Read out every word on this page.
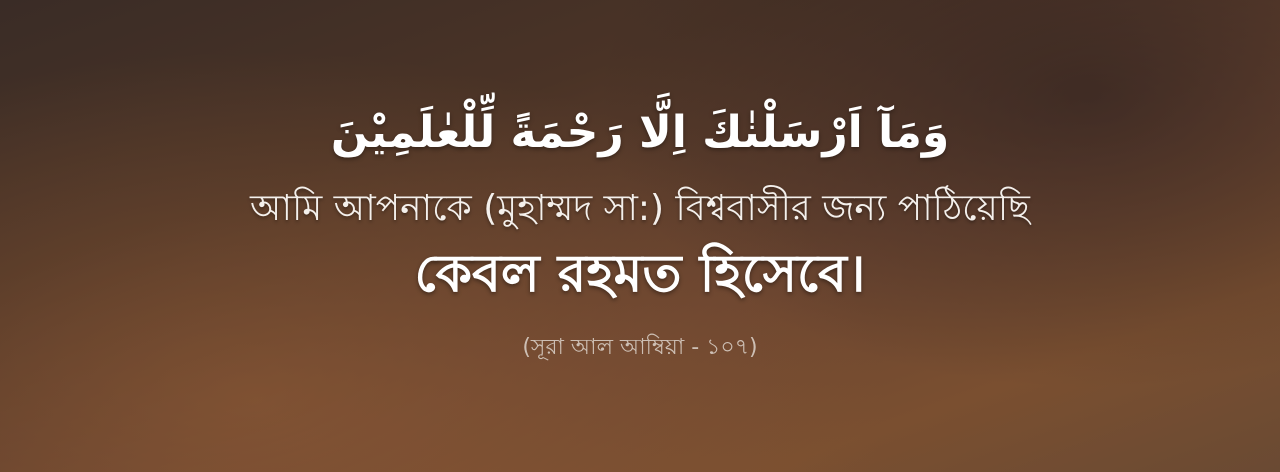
وَمَآ اَرْسَلْنٰكَ اِلَّا رَحْمَةً لِّلْعٰلَمِيْنَ
আমি আপনাকে (মুহাম্মদ সা:) বিশ্ববাসীর জন্য পাঠিয়েছি
কেবল রহমত হিসেবে।
(সূরা আল আম্বিয়া - ১০৭)
